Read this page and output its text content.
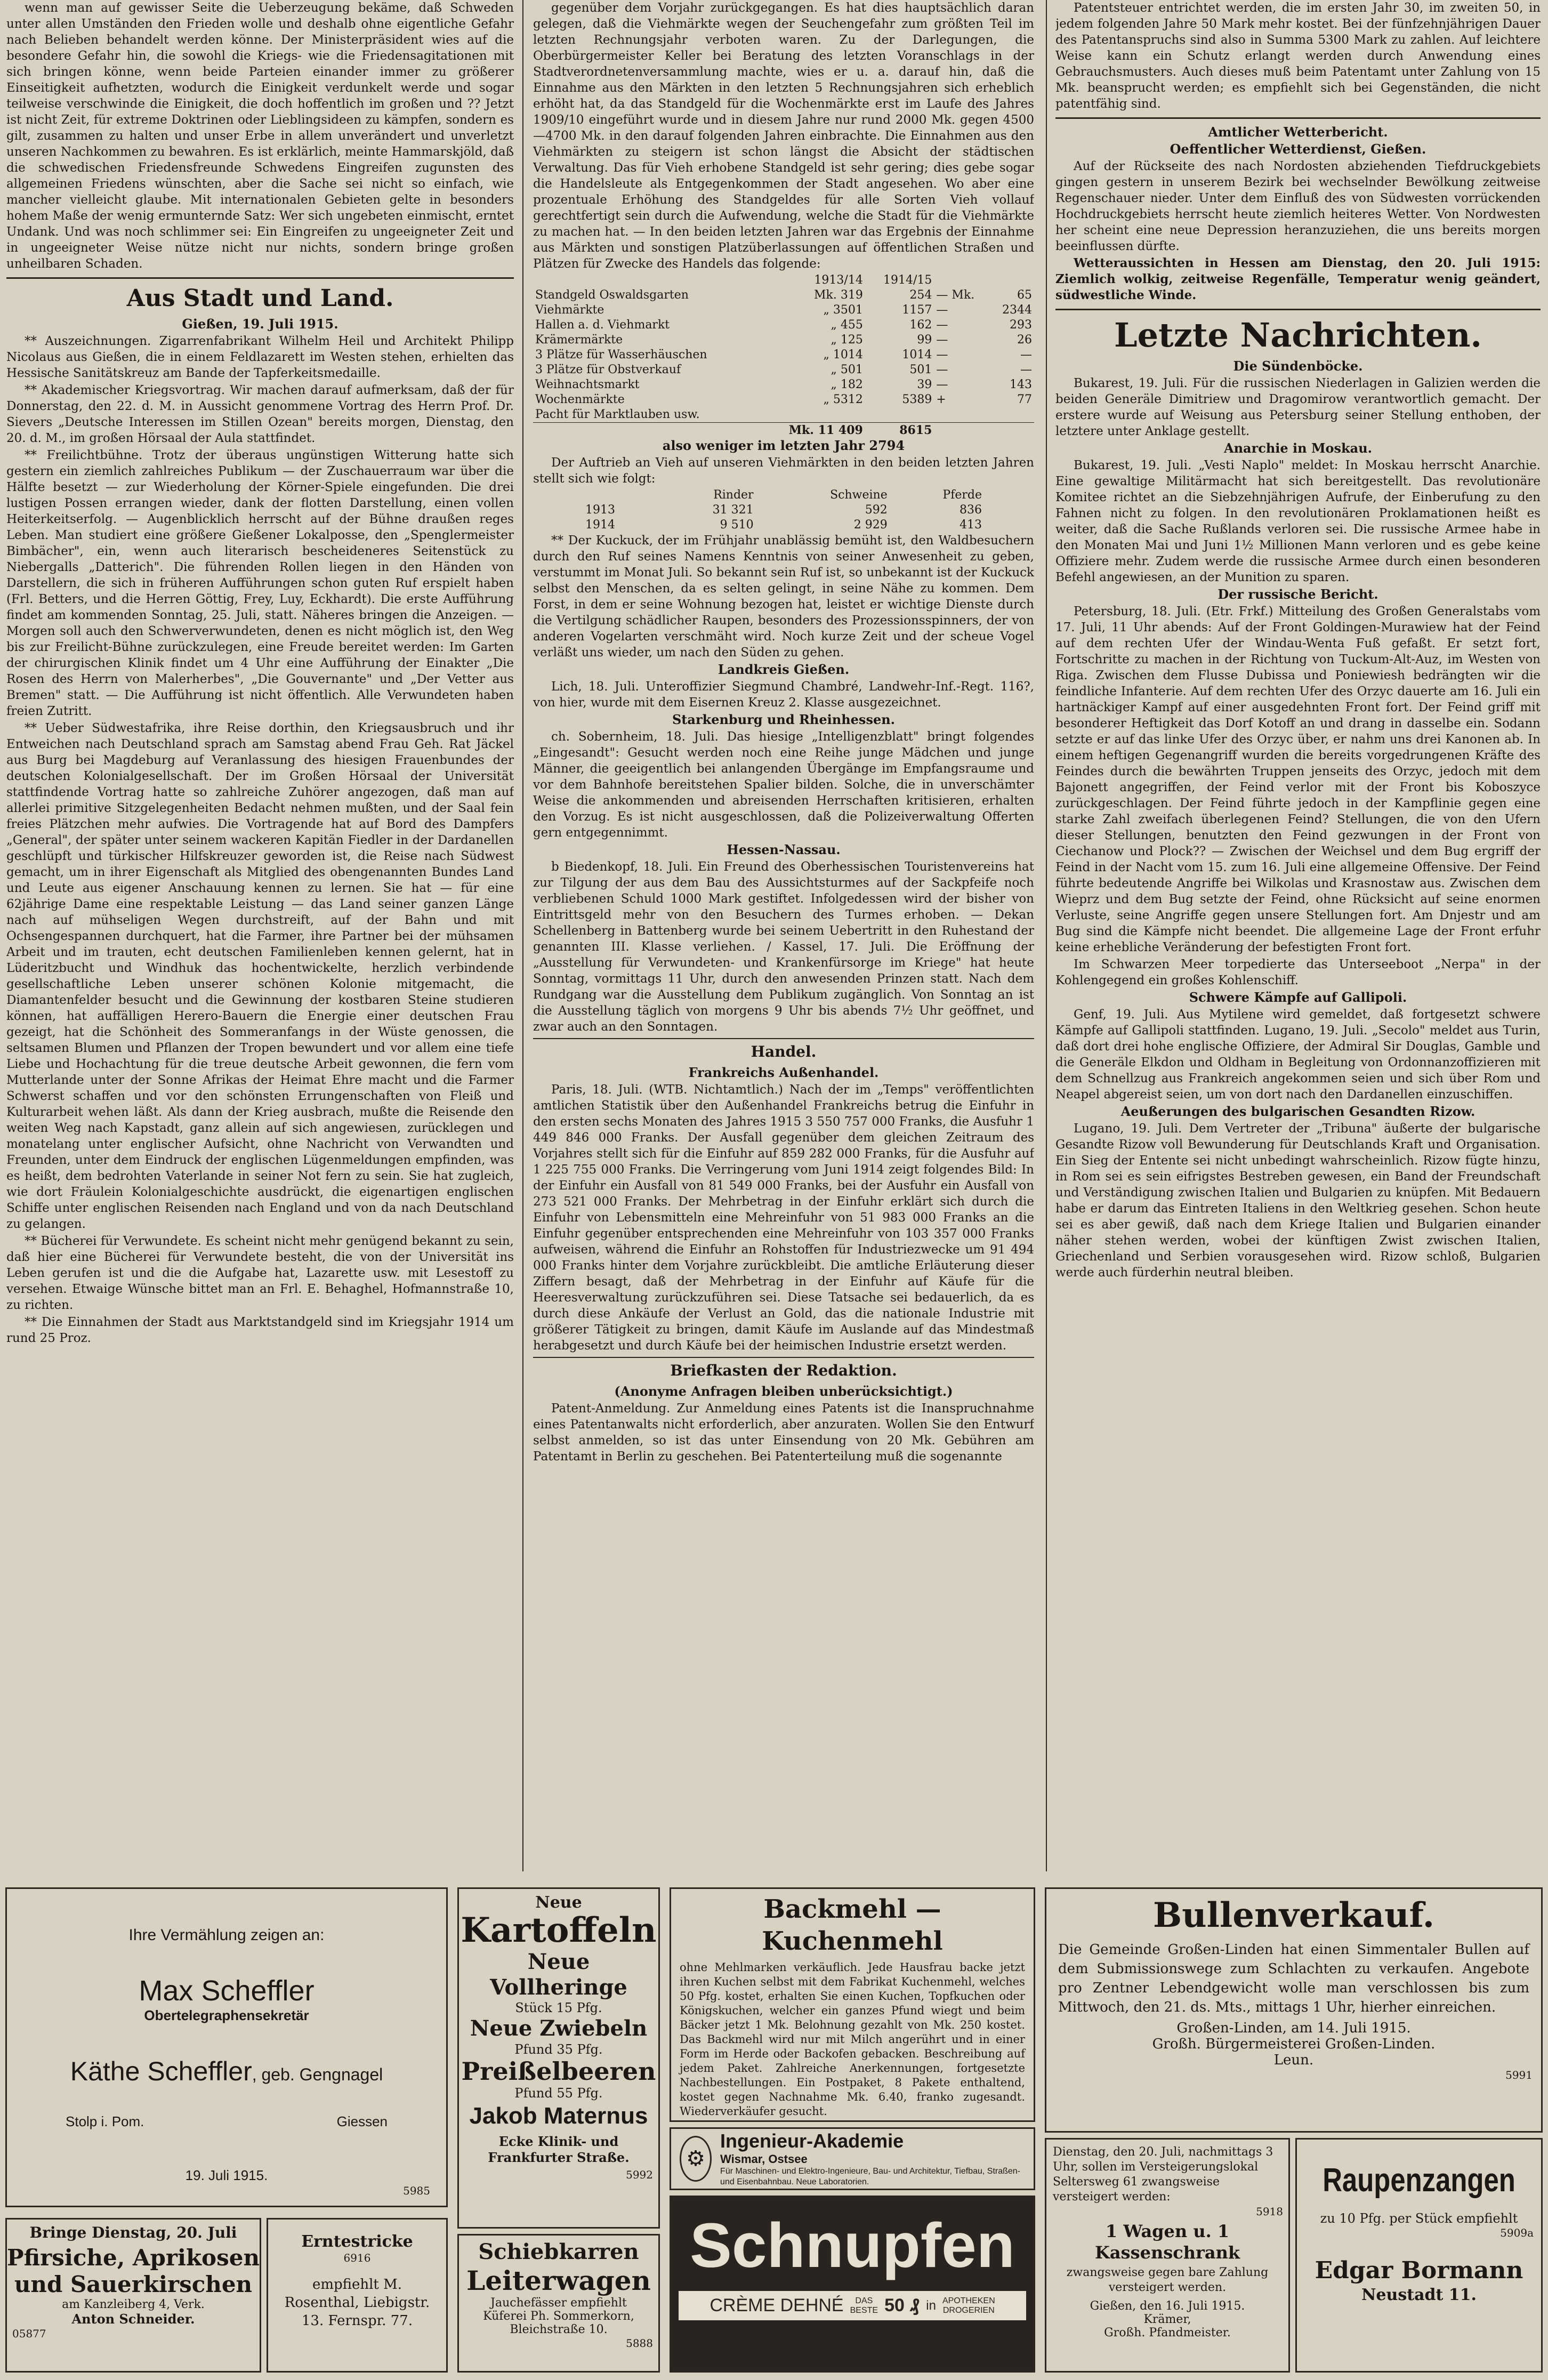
wenn man auf gewisser Seite die Ueberzeugung bekäme, daß Schweden unter allen Umständen den Frieden wolle und deshalb ohne eigentliche Gefahr nach Belieben behandelt werden könne. Der Ministerpräsident wies auf die besondere Gefahr hin, die sowohl die Kriegs- wie die Friedensagitationen mit sich bringen könne, wenn beide Parteien einander immer zu größerer Einseitigkeit aufhetzten, wodurch die Einigkeit verdunkelt werde und sogar teilweise verschwinde die Einigkeit, die doch hoffentlich im großen und ?? Jetzt ist nicht Zeit, für extreme Doktrinen oder Lieblingsideen zu kämpfen, sondern es gilt, zusammen zu halten und unser Erbe in allem unverändert und unverletzt unseren Nachkommen zu bewahren. Es ist erklärlich, meinte Hammarskjöld, daß die schwedischen Friedensfreunde Schwedens Eingreifen zugunsten des allgemeinen Friedens wünschten, aber die Sache sei nicht so einfach, wie mancher vielleicht glaube. Mit internationalen Gebieten gelte in besonders hohem Maße der wenig ermunternde Satz: Wer sich ungebeten einmischt, erntet Undank. Und was noch schlimmer sei: Ein Eingreifen zu ungeeigneter Zeit und in ungeeigneter Weise nütze nicht nur nichts, sondern bringe großen unheilbaren Schaden.

Aus Stadt und Land.

Gießen, 19. Juli 1915.

** Auszeichnungen. Zigarrenfabrikant Wilhelm Heil und Architekt Philipp Nicolaus aus Gießen, die in einem Feldlazarett im Westen stehen, erhielten das Hessische Sanitätskreuz am Bande der Tapferkeitsmedaille.

** Akademischer Kriegsvortrag. Wir machen darauf aufmerksam, daß der für Donnerstag, den 22. d. M. in Aussicht genommene Vortrag des Herrn Prof. Dr. Sievers „Deutsche Interessen im Stillen Ozean" bereits morgen, Dienstag, den 20. d. M., im großen Hörsaal der Aula stattfindet.

** Freilichtbühne. Trotz der überaus ungünstigen Witterung hatte sich gestern ein ziemlich zahlreiches Publikum — der Zuschauerraum war über die Hälfte besetzt — zur Wiederholung der Körner-Spiele eingefunden. Die drei lustigen Possen errangen wieder, dank der flotten Darstellung, einen vollen Heiterkeitserfolg. — Augenblicklich herrscht auf der Bühne draußen reges Leben. Man studiert eine größere Gießener Lokalposse, den „Spenglermeister Bimbächer", ein, wenn auch literarisch bescheideneres Seitenstück zu Niebergalls „Datterich". Die führenden Rollen liegen in den Händen von Darstellern, die sich in früheren Aufführungen schon guten Ruf erspielt haben (Frl. Betters, und die Herren Göttig, Frey, Luy, Eckhardt). Die erste Aufführung findet am kommenden Sonntag, 25. Juli, statt. Näheres bringen die Anzeigen. — Morgen soll auch den Schwerverwundeten, denen es nicht möglich ist, den Weg bis zur Freilicht-Bühne zurückzulegen, eine Freude bereitet werden: Im Garten der chirurgischen Klinik findet um 4 Uhr eine Aufführung der Einakter „Die Rosen des Herrn von Malerherbes", „Die Gouvernante" und „Der Vetter aus Bremen" statt. — Die Aufführung ist nicht öffentlich. Alle Verwundeten haben freien Zutritt.

** Ueber Südwestafrika, ihre Reise dorthin, den Kriegsausbruch und ihr Entweichen nach Deutschland sprach am Samstag abend Frau Geh. Rat Jäckel aus Burg bei Magdeburg auf Veranlassung des hiesigen Frauenbundes der deutschen Kolonialgesellschaft. Der im Großen Hörsaal der Universität stattfindende Vortrag hatte so zahlreiche Zuhörer angezogen, daß man auf allerlei primitive Sitzgelegenheiten Bedacht nehmen mußten, und der Saal fein freies Plätzchen mehr aufwies. Die Vortragende hat auf Bord des Dampfers „General", der später unter seinem wackeren Kapitän Fiedler in der Dardanellen geschlüpft und türkischer Hilfskreuzer geworden ist, die Reise nach Südwest gemacht, um in ihrer Eigenschaft als Mitglied des obengenannten Bundes Land und Leute aus eigener Anschauung kennen zu lernen. Sie hat — für eine 62jährige Dame eine respektable Leistung — das Land seiner ganzen Länge nach auf mühseligen Wegen durchstreift, auf der Bahn und mit Ochsengespannen durchquert, hat die Farmer, ihre Partner bei der mühsamen Arbeit und im trauten, echt deutschen Familienleben kennen gelernt, hat in Lüderitzbucht und Windhuk das hochentwickelte, herzlich verbindende gesellschaftliche Leben unserer schönen Kolonie mitgemacht, die Diamantenfelder besucht und die Gewinnung der kostbaren Steine studieren können, hat auffälligen Herero-Bauern die Energie einer deutschen Frau gezeigt, hat die Schönheit des Sommeranfangs in der Wüste genossen, die seltsamen Blumen und Pflanzen der Tropen bewundert und vor allem eine tiefe Liebe und Hochachtung für die treue deutsche Arbeit gewonnen, die fern vom Mutterlande unter der Sonne Afrikas der Heimat Ehre macht und die Farmer Schwerst schaffen und vor den schönsten Errungenschaften von Fleiß und Kulturarbeit wehen läßt. Als dann der Krieg ausbrach, mußte die Reisende den weiten Weg nach Kapstadt, ganz allein auf sich angewiesen, zurücklegen und monatelang unter englischer Aufsicht, ohne Nachricht von Verwandten und Freunden, unter dem Eindruck der englischen Lügenmeldungen empfinden, was es heißt, dem bedrohten Vaterlande in seiner Not fern zu sein. Sie hat zugleich, wie dort Fräulein Kolonialgeschichte ausdrückt, die eigenartigen englischen Schiffe unter englischen Reisenden nach England und von da nach Deutschland zu gelangen.

** Bücherei für Verwundete. Es scheint nicht mehr genügend bekannt zu sein, daß hier eine Bücherei für Verwundete besteht, die von der Universität ins Leben gerufen ist und die die Aufgabe hat, Lazarette usw. mit Lesestoff zu versehen. Etwaige Wünsche bittet man an Frl. E. Behaghel, Hofmannstraße 10, zu richten.

** Die Einnahmen der Stadt aus Marktstandgeld sind im Kriegsjahr 1914 um rund 25 Proz.

gegenüber dem Vorjahr zurückgegangen. Es hat dies hauptsächlich daran gelegen, daß die Viehmärkte wegen der Seuchengefahr zum größten Teil im letzten Rechnungsjahr verboten waren. Zu der Darlegungen, die Oberbürgermeister Keller bei Beratung des letzten Voranschlags in der Stadtverordnetenversammlung machte, wies er u. a. darauf hin, daß die Einnahme aus den Märkten in den letzten 5 Rechnungsjahren sich erheblich erhöht hat, da das Standgeld für die Wochenmärkte erst im Laufe des Jahres 1909/10 eingeführt wurde und in diesem Jahre nur rund 2000 Mk. gegen 4500—4700 Mk. in den darauf folgenden Jahren einbrachte. Die Einnahmen aus den Viehmärkten zu steigern ist schon längst die Absicht der städtischen Verwaltung. Das für Vieh erhobene Standgeld ist sehr gering; dies gebe sogar die Handelsleute als Entgegenkommen der Stadt angesehen. Wo aber eine prozentuale Erhöhung des Standgeldes für alle Sorten Vieh vollauf gerechtfertigt sein durch die Aufwendung, welche die Stadt für die Viehmärkte zu machen hat. — In den beiden letzten Jahren war das Ergebnis der Einnahme aus Märkten und sonstigen Platzüberlassungen auf öffentlichen Straßen und Plätzen für Zwecke des Handels das folgende:

	1913/14	1914/15		
Standgeld Oswaldsgarten	Mk. 319	254	— Mk.	65
Viehmärkte	„ 3501	1157	—	2344
Hallen a. d. Viehmarkt	„ 455	162	—	293
Krämermärkte	„ 125	99	—	26
3 Plätze für Wasserhäuschen	„ 1014	1014	—	—
3 Plätze für Obstverkauf	„ 501	501	—	—
Weihnachtsmarkt	„ 182	39	—	143
Wochenmärkte	„ 5312	5389	+	77
Pacht für Marktlauben usw.				
	Mk. 11 409	8615		

also weniger im letzten Jahr 2794

Der Auftrieb an Vieh auf unseren Viehmärkten in den beiden letzten Jahren stellt sich wie folgt:

	Rinder	Schweine	Pferde
1913	31 321	592	836
1914	9 510	2 929	413

** Der Kuckuck, der im Frühjahr unablässig bemüht ist, den Waldbesuchern durch den Ruf seines Namens Kenntnis von seiner Anwesenheit zu geben, verstummt im Monat Juli. So bekannt sein Ruf ist, so unbekannt ist der Kuckuck selbst den Menschen, da es selten gelingt, in seine Nähe zu kommen. Dem Forst, in dem er seine Wohnung bezogen hat, leistet er wichtige Dienste durch die Vertilgung schädlicher Raupen, besonders des Prozessionsspinners, der von anderen Vogelarten verschmäht wird. Noch kurze Zeit und der scheue Vogel verläßt uns wieder, um nach den Süden zu gehen.

Landkreis Gießen.

Lich, 18. Juli. Unteroffizier Siegmund Chambré, Landwehr-Inf.-Regt. 116?, von hier, wurde mit dem Eisernen Kreuz 2. Klasse ausgezeichnet.

Starkenburg und Rheinhessen.

ch. Sobernheim, 18. Juli. Das hiesige „Intelligenzblatt" bringt folgendes „Eingesandt": Gesucht werden noch eine Reihe junge Mädchen und junge Männer, die geeigentlich bei anlangenden Übergänge im Empfangsraume und vor dem Bahnhofe bereitstehen Spalier bilden. Solche, die in unverschämter Weise die ankommenden und abreisenden Herrschaften kritisieren, erhalten den Vorzug. Es ist nicht ausgeschlossen, daß die Polizeiverwaltung Offerten gern entgegennimmt.

Hessen-Nassau.

b Biedenkopf, 18. Juli. Ein Freund des Oberhessischen Touristenvereins hat zur Tilgung der aus dem Bau des Aussichtsturmes auf der Sackpfeife noch verbliebenen Schuld 1000 Mark gestiftet. Infolgedessen wird der bisher von Eintrittsgeld mehr von den Besuchern des Turmes erhoben. — Dekan Schellenberg in Battenberg wurde bei seinem Uebertritt in den Ruhestand der genannten III. Klasse verliehen. / Kassel, 17. Juli. Die Eröffnung der „Ausstellung für Verwundeten- und Krankenfürsorge im Kriege" hat heute Sonntag, vormittags 11 Uhr, durch den anwesenden Prinzen statt. Nach dem Rundgang war die Ausstellung dem Publikum zugänglich. Von Sonntag an ist die Ausstellung täglich von morgens 9 Uhr bis abends 7½ Uhr geöffnet, und zwar auch an den Sonntagen.

Handel.

Frankreichs Außenhandel.

Paris, 18. Juli. (WTB. Nichtamtlich.) Nach der im „Temps" veröffentlichten amtlichen Statistik über den Außenhandel Frankreichs betrug die Einfuhr in den ersten sechs Monaten des Jahres 1915 3 550 757 000 Franks, die Ausfuhr 1 449 846 000 Franks. Der Ausfall gegenüber dem gleichen Zeitraum des Vorjahres stellt sich für die Einfuhr auf 859 282 000 Franks, für die Ausfuhr auf 1 225 755 000 Franks. Die Verringerung vom Juni 1914 zeigt folgendes Bild: In der Einfuhr ein Ausfall von 81 549 000 Franks, bei der Ausfuhr ein Ausfall von 273 521 000 Franks. Der Mehrbetrag in der Einfuhr erklärt sich durch die Einfuhr von Lebensmitteln eine Mehreinfuhr von 51 983 000 Franks an die Einfuhr gegenüber entsprechenden eine Mehreinfuhr von 103 357 000 Franks aufweisen, während die Einfuhr an Rohstoffen für Industriezwecke um 91 494 000 Franks hinter dem Vorjahre zurückbleibt. Die amtliche Erläuterung dieser Ziffern besagt, daß der Mehrbetrag in der Einfuhr auf Käufe für die Heeresverwaltung zurückzuführen sei. Diese Tatsache sei bedauerlich, da es durch diese Ankäufe der Verlust an Gold, das die nationale Industrie mit größerer Tätigkeit zu bringen, damit Käufe im Auslande auf das Mindestmaß herabgesetzt und durch Käufe bei der heimischen Industrie ersetzt werden.

Briefkasten der Redaktion.

(Anonyme Anfragen bleiben unberücksichtigt.)

Patent-Anmeldung. Zur Anmeldung eines Patents ist die Inanspruchnahme eines Patentanwalts nicht erforderlich, aber anzuraten. Wollen Sie den Entwurf selbst anmelden, so ist das unter Einsendung von 20 Mk. Gebühren am Patentamt in Berlin zu geschehen. Bei Patenterteilung muß die sogenannte

Patentsteuer entrichtet werden, die im ersten Jahr 30, im zweiten 50, in jedem folgenden Jahre 50 Mark mehr kostet. Bei der fünfzehnjährigen Dauer des Patentanspruchs sind also in Summa 5300 Mark zu zahlen. Auf leichtere Weise kann ein Schutz erlangt werden durch Anwendung eines Gebrauchsmusters. Auch dieses muß beim Patentamt unter Zahlung von 15 Mk. beansprucht werden; es empfiehlt sich bei Gegenständen, die nicht patentfähig sind.

Amtlicher Wetterbericht.

Oeffentlicher Wetterdienst, Gießen.

Auf der Rückseite des nach Nordosten abziehenden Tiefdruckgebiets gingen gestern in unserem Bezirk bei wechselnder Bewölkung zeitweise Regenschauer nieder. Unter dem Einfluß des von Südwesten vorrückenden Hochdruckgebiets herrscht heute ziemlich heiteres Wetter. Von Nordwesten her scheint eine neue Depression heranzuziehen, die uns bereits morgen beeinflussen dürfte.

Wetteraussichten in Hessen am Dienstag, den 20. Juli 1915: Ziemlich wolkig, zeitweise Regenfälle, Temperatur wenig geändert, südwestliche Winde.

Letzte Nachrichten.

Die Sündenböcke.

Bukarest, 19. Juli. Für die russischen Niederlagen in Galizien werden die beiden Generäle Dimitriew und Dragomirow verantwortlich gemacht. Der erstere wurde auf Weisung aus Petersburg seiner Stellung enthoben, der letztere unter Anklage gestellt.

Anarchie in Moskau.

Bukarest, 19. Juli. „Vesti Naplo" meldet: In Moskau herrscht Anarchie. Eine gewaltige Militärmacht hat sich bereitgestellt. Das revolutionäre Komitee richtet an die Siebzehnjährigen Aufrufe, der Einberufung zu den Fahnen nicht zu folgen. In den revolutionären Proklamationen heißt es weiter, daß die Sache Rußlands verloren sei. Die russische Armee habe in den Monaten Mai und Juni 1½ Millionen Mann verloren und es gebe keine Offiziere mehr. Zudem werde die russische Armee durch einen besonderen Befehl angewiesen, an der Munition zu sparen.

Der russische Bericht.

Petersburg, 18. Juli. (Etr. Frkf.) Mitteilung des Großen Generalstabs vom 17. Juli, 11 Uhr abends: Auf der Front Goldingen-Murawiew hat der Feind auf dem rechten Ufer der Windau-Wenta Fuß gefaßt. Er setzt fort, Fortschritte zu machen in der Richtung von Tuckum-Alt-Auz, im Westen von Riga. Zwischen dem Flusse Dubissa und Poniewiesh bedrängten wir die feindliche Infanterie. Auf dem rechten Ufer des Orzyc dauerte am 16. Juli ein hartnäckiger Kampf auf einer ausgedehnten Front fort. Der Feind griff mit besonderer Heftigkeit das Dorf Kotoff an und drang in dasselbe ein. Sodann setzte er auf das linke Ufer des Orzyc über, er nahm uns drei Kanonen ab. In einem heftigen Gegenangriff wurden die bereits vorgedrungenen Kräfte des Feindes durch die bewährten Truppen jenseits des Orzyc, jedoch mit dem Bajonett angegriffen, der Feind verlor mit der Front bis Koboszyce zurückgeschlagen. Der Feind führte jedoch in der Kampflinie gegen eine starke Zahl zweifach überlegenen Feind? Stellungen, die von den Ufern dieser Stellungen, benutzten den Feind gezwungen in der Front von Ciechanow und Plock?? — Zwischen der Weichsel und dem Bug ergriff der Feind in der Nacht vom 15. zum 16. Juli eine allgemeine Offensive. Der Feind führte bedeutende Angriffe bei Wilkolas und Krasnostaw aus. Zwischen dem Wieprz und dem Bug setzte der Feind, ohne Rücksicht auf seine enormen Verluste, seine Angriffe gegen unsere Stellungen fort. Am Dnjestr und am Bug sind die Kämpfe nicht beendet. Die allgemeine Lage der Front erfuhr keine erhebliche Veränderung der befestigten Front fort.

Im Schwarzen Meer torpedierte das Unterseeboot „Nerpa" in der Kohlengegend ein großes Kohlenschiff.

Schwere Kämpfe auf Gallipoli.

Genf, 19. Juli. Aus Mytilene wird gemeldet, daß fortgesetzt schwere Kämpfe auf Gallipoli stattfinden. Lugano, 19. Juli. „Secolo" meldet aus Turin, daß dort drei hohe englische Offiziere, der Admiral Sir Douglas, Gamble und die Generäle Elkdon und Oldham in Begleitung von Ordonnanzoffizieren mit dem Schnellzug aus Frankreich angekommen seien und sich über Rom und Neapel abgereist seien, um von dort nach den Dardanellen einzuschiffen.

Aeußerungen des bulgarischen Gesandten Rizow.

Lugano, 19. Juli. Dem Vertreter der „Tribuna" äußerte der bulgarische Gesandte Rizow voll Bewunderung für Deutschlands Kraft und Organisation. Ein Sieg der Entente sei nicht unbedingt wahrscheinlich. Rizow fügte hinzu, in Rom sei es sein eifrigstes Bestreben gewesen, ein Band der Freundschaft und Verständigung zwischen Italien und Bulgarien zu knüpfen. Mit Bedauern habe er darum das Eintreten Italiens in den Weltkrieg gesehen. Schon heute sei es aber gewiß, daß nach dem Kriege Italien und Bulgarien einander näher stehen werden, wobei der künftigen Zwist zwischen Italien, Griechenland und Serbien vorausgesehen wird. Rizow schloß, Bulgarien werde auch fürderhin neutral bleiben.

Ihre Vermählung zeigen an:
Max Scheffler
Obertelegraphensekretär
Käthe Scheffler, geb. Gengnagel
Stolp i. Pom.	Giessen
19. Juli 1915.
5985
Bringe Dienstag, 20. Juli
Pfirsiche, Aprikosen und Sauerkirschen
am Kanzleiberg 4, Verk.
Anton Schneider.
05877
Erntestricke
6916
empfiehlt M. Rosenthal, Liebigstr. 13. Fernspr. 77.
Neue
Kartoffeln
Neue Vollheringe
Stück 15 Pfg.
Neue Zwiebeln
Pfund 35 Pfg.
Preißelbeeren
Pfund 55 Pfg.
Jakob Maternus
Ecke Klinik- und Frankfurter Straße.
5992
Schiebkarren
Leiterwagen
Jauchefässer empfiehlt
Küferei Ph. Sommerkorn,
Bleichstraße 10.
5888
Backmehl — Kuchenmehl
ohne Mehlmarken verkäuflich. Jede Hausfrau backe jetzt ihren Kuchen selbst mit dem Fabrikat Kuchenmehl, welches 50 Pfg. kostet, erhalten Sie einen Kuchen, Topfkuchen oder Königskuchen, welcher ein ganzes Pfund wiegt und beim Bäcker jetzt 1 Mk. Belohnung gezahlt von Mk. 250 kostet. Das Backmehl wird nur mit Milch angerührt und in einer Form im Herde oder Backofen gebacken. Beschreibung auf jedem Paket. Zahlreiche Anerkennungen, fortgesetzte Nachbestellungen. Ein Postpaket, 8 Pakete enthaltend, kostet gegen Nachnahme Mk. 6.40, franko zugesandt. Wiederverkäufer gesucht.
⚙
Ingenieur-Akademie
Wismar, Ostsee
Für Maschinen- und Elektro-Ingenieure, Bau- und Architektur, Tiefbau, Straßen- und Eisenbahnbau. Neue Laboratorien.
Schnupfen
CRÈME DEHNÉ	DAS
BESTE 50 ₰ in APOTHEKEN
DROGERIEN
Bullenverkauf.
Die Gemeinde Großen-Linden hat einen Simmentaler Bullen auf dem Submissionswege zum Schlachten zu verkaufen. Angebote pro Zentner Lebendgewicht wolle man verschlossen bis zum Mittwoch, den 21. ds. Mts., mittags 1 Uhr, hierher einreichen.
Großen-Linden, am 14. Juli 1915.
Großh. Bürgermeisterei Großen-Linden.
Leun.
5991
Dienstag, den 20. Juli, nachmittags 3 Uhr, sollen im Versteigerungslokal Seltersweg 61 zwangsweise versteigert werden:
5918
1 Wagen u. 1 Kassenschrank
zwangsweise gegen bare Zahlung versteigert werden.
Gießen, den 16. Juli 1915.
Krämer,
Großh. Pfandmeister.
Raupenzangen
zu 10 Pfg. per Stück empfiehlt
5909a
Edgar Bormann
Neustadt 11.
